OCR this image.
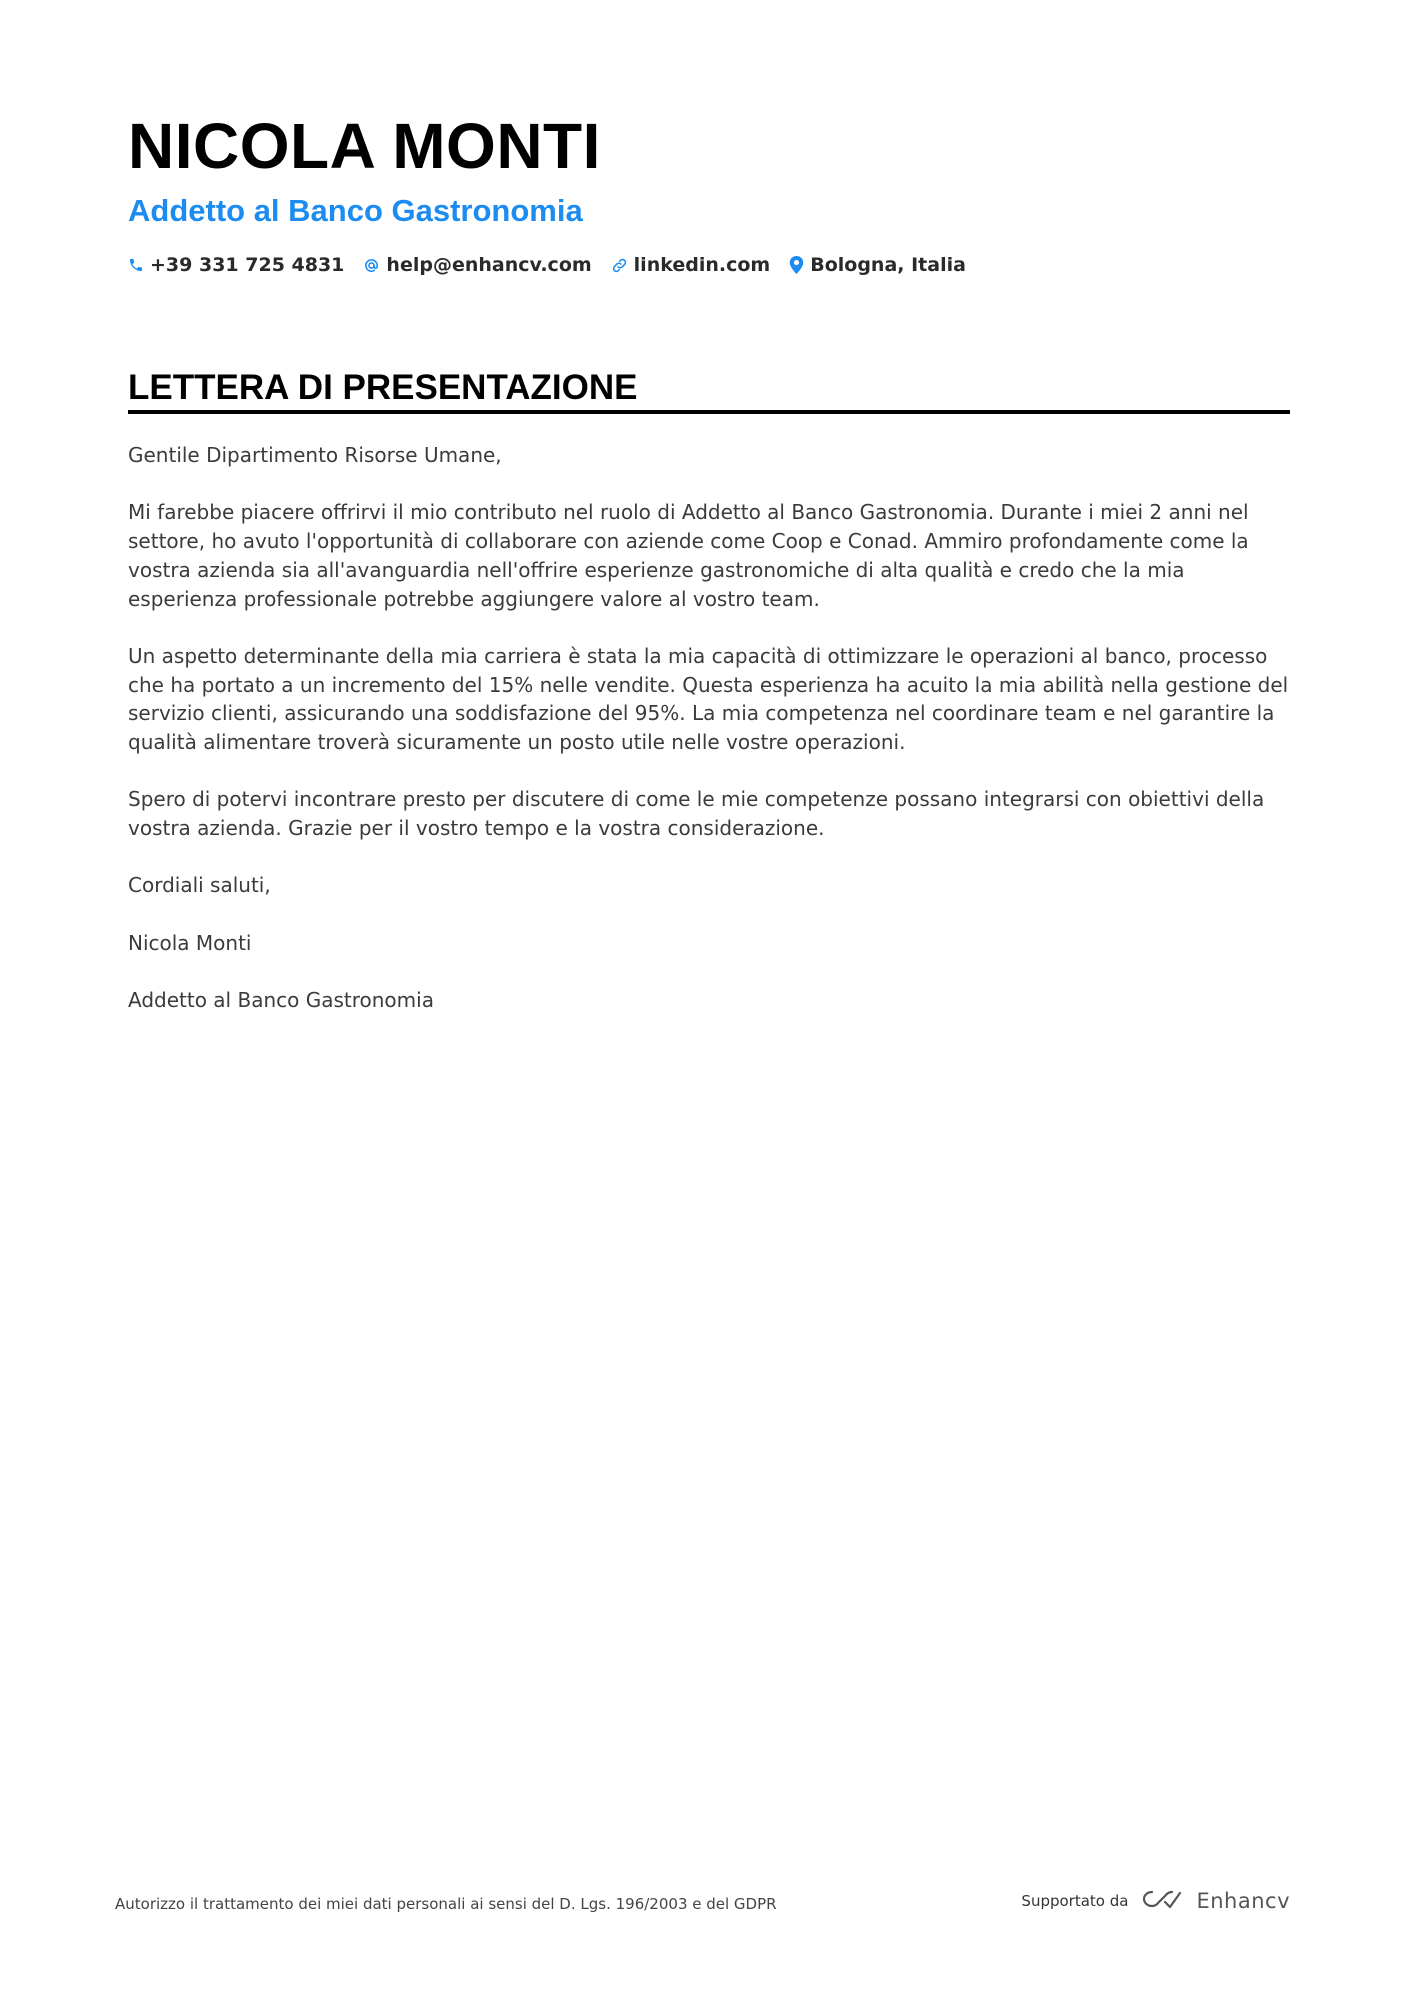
NICOLA MONTI
Addetto al Banco Gastronomia
+39 331 725 4831 help@enhancv.com linkedin.com Bologna, Italia
LETTERA DI PRESENTAZIONE

Gentile Dipartimento Risorse Umane,

Mi farebbe piacere offrirvi il mio contributo nel ruolo di Addetto al Banco Gastronomia. Durante i miei 2 anni nel settore, ho avuto l'opportunità di collaborare con aziende come Coop e Conad. Ammiro profondamente come la vostra azienda sia all'avanguardia nell'offrire esperienze gastronomiche di alta qualità e credo che la mia esperienza professionale potrebbe aggiungere valore al vostro team.

Un aspetto determinante della mia carriera è stata la mia capacità di ottimizzare le operazioni al banco, processo che ha portato a un incremento del 15% nelle vendite. Questa esperienza ha acuito la mia abilità nella gestione del servizio clienti, assicurando una soddisfazione del 95%. La mia competenza nel coordinare team e nel garantire la qualità alimentare troverà sicuramente un posto utile nelle vostre operazioni.

Spero di potervi incontrare presto per discutere di come le mie competenze possano integrarsi con obiettivi della vostra azienda. Grazie per il vostro tempo e la vostra considerazione.

Cordiali saluti,

Nicola Monti

Addetto al Banco Gastronomia

Autorizzo il trattamento dei miei dati personali ai sensi del D. Lgs. 196/2003 e del GDPR	Supportato da	Enhancv
